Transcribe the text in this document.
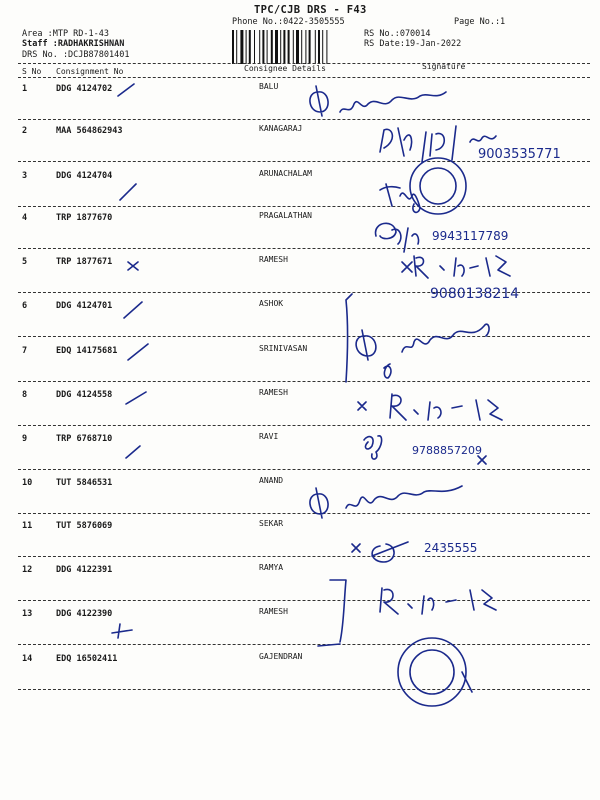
TPC/CJB DRS - F43
Phone No.:0422-3505555	Page No.:1
Area :MTP RD-1-43
Staff :RADHAKRISHNAN
DRS No. :DCJB87801401
RS No.:070014
RS Date:19-Jan-2022
S No Consignment No	Consignee Details	Signature
1	DDG 4124702	BALU
2	MAA 564862943	KANAGARAJ
3	DDG 4124704	ARUNACHALAM
4	TRP 1877670	PRAGALATHAN
5	TRP 1877671	RAMESH
6	DDG 4124701	ASHOK
7	EDQ 14175681	SRINIVASAN
8	DDG 4124558	RAMESH
9	TRP 6768710	RAVI
10	TUT 5846531	ANAND
11	TUT 5876069	SEKAR
12	DDG 4122391	RAMYA
13	DDG 4122390	RAMESH
14	EDQ 16502411	GAJENDRAN
9003535771
9943117789
9080138214
9788857209
2435555
